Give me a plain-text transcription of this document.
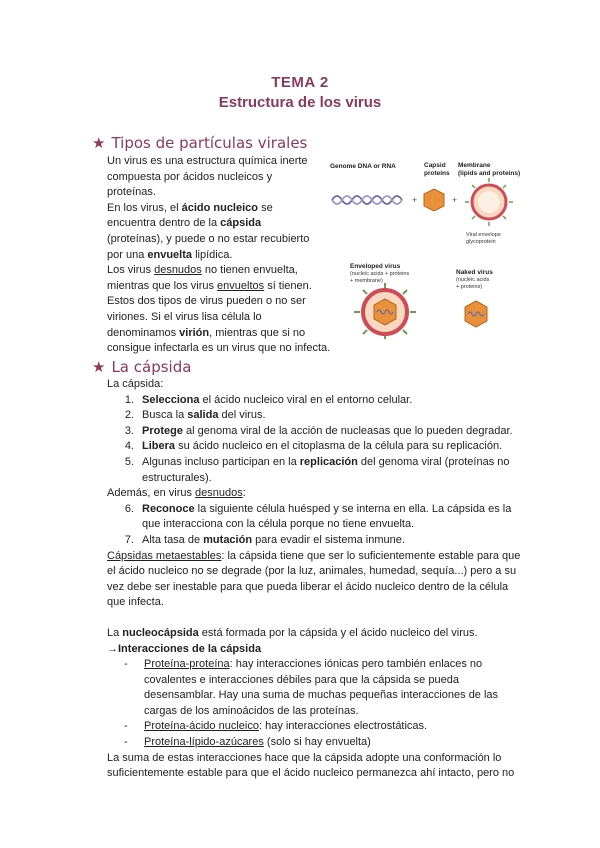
TEMA 2
Estructura de los virus
★ Tipos de partículas virales

Un virus es una estructura química inerte

compuesta por ácidos nucleicos y

proteínas.

En los virus, el ácido nucleico se

encuentra dentro de la cápsida

(proteínas), y puede o no estar recubierto

por una envuelta lipídica.

Los virus desnudos no tienen envuelta,

mientras que los virus envueltos sí tienen.

Estos dos tipos de virus pueden o no ser

viriones. Si el virus lisa célula lo

denominamos virión, mientras que si no

consigue infectarla es un virus que no infecta.

Genome DNA or RNA	Capsid
proteins
Membrane
(lipids and proteins)
+	+
Viral envelope
glycoprotein
Enveloped virus
(nucleic acids + proteins
+ membrane)
Naked virus
(nucleic acids
+ proteins)
★ La cápsida

La cápsida:

1. Selecciona el ácido nucleico viral en el entorno celular.

2. Busca la salida del virus.

3. Protege al genoma viral de la acción de nucleasas que lo pueden degradar.

4. Libera su ácido nucleico en el citoplasma de la célula para su replicación.

5. Algunas incluso participan en la replicación del genoma viral (proteínas no

estructurales).

Además, en virus desnudos:

6. Reconoce la siguiente célula huésped y se interna en ella. La cápsida es la

que interacciona con la célula porque no tiene envuelta.

7. Alta tasa de mutación para evadir el sistema inmune.

Cápsidas metaestables: la cápsida tiene que ser lo suficientemente estable para que

el ácido nucleico no se degrade (por la luz, animales, humedad, sequía...) pero a su

vez debe ser inestable para que pueda liberar el ácido nucleico dentro de la célula

que infecta.

La nucleocápsida está formada por la cápsida y el ácido nucleico del virus.

→Interacciones de la cápsida

- Proteína-proteína: hay interacciones iónicas pero también enlaces no

covalentes e interacciones débiles para que la cápsida se pueda

desensamblar. Hay una suma de muchas pequeñas interacciones de las

cargas de los aminoácidos de las proteínas.

- Proteína-ácido nucleico: hay interacciones electrostáticas.

- Proteína-lípido-azúcares (solo si hay envuelta)

La suma de estas interacciones hace que la cápsida adopte una conformación lo

suficientemente estable para que el ácido nucleico permanezca ahí intacto, pero no
